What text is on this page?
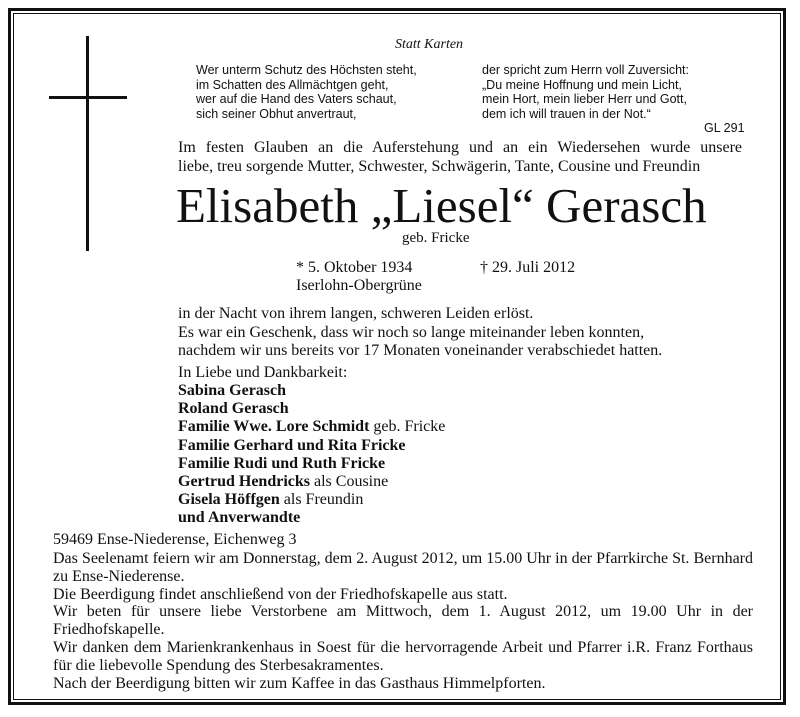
Statt Karten
Wer unterm Schutz des Höchsten steht,
im Schatten des Allmächtgen geht,
wer auf die Hand des Vaters schaut,
sich seiner Obhut anvertraut,
der spricht zum Herrn voll Zuversicht:
„Du meine Hoffnung und mein Licht,
mein Hort, mein lieber Herr und Gott,
dem ich will trauen in der Not.“
GL 291
Im festen Glauben an die Auferstehung und an ein Wiedersehen wurde unsere
liebe, treu sorgende Mutter, Schwester, Schwägerin, Tante, Cousine und Freundin
Elisabeth „Liesel“ Gerasch
geb. Fricke
* 5. Oktober 1934	† 29. Juli 2012
Iserlohn-Obergrüne
in der Nacht von ihrem langen, schweren Leiden erlöst.
Es war ein Geschenk, dass wir noch so lange miteinander leben konnten,
nachdem wir uns bereits vor 17 Monaten voneinander verabschiedet hatten.
In Liebe und Dankbarkeit:
Sabina Gerasch
Roland Gerasch
Familie Wwe. Lore Schmidt geb. Fricke
Familie Gerhard und Rita Fricke
Familie Rudi und Ruth Fricke
Gertrud Hendricks als Cousine
Gisela Höffgen als Freundin
und Anverwandte
59469 Ense-Niederense, Eichenweg 3

Das Seelenamt feiern wir am Donnerstag, dem 2. August 2012, um 15.00 Uhr in der Pfarrkirche St. Bernhard zu Ense-Niederense.

Die Beerdigung findet anschließend von der Friedhofskapelle aus statt.

Wir beten für unsere liebe Verstorbene am Mittwoch, dem 1. August 2012, um 19.00 Uhr in der Friedhofskapelle.

Wir danken dem Marienkrankenhaus in Soest für die hervorragende Arbeit und Pfarrer i.R. Franz Forthaus für die liebevolle Spendung des Sterbesakramentes.

Nach der Beerdigung bitten wir zum Kaffee in das Gasthaus Himmelpforten.
